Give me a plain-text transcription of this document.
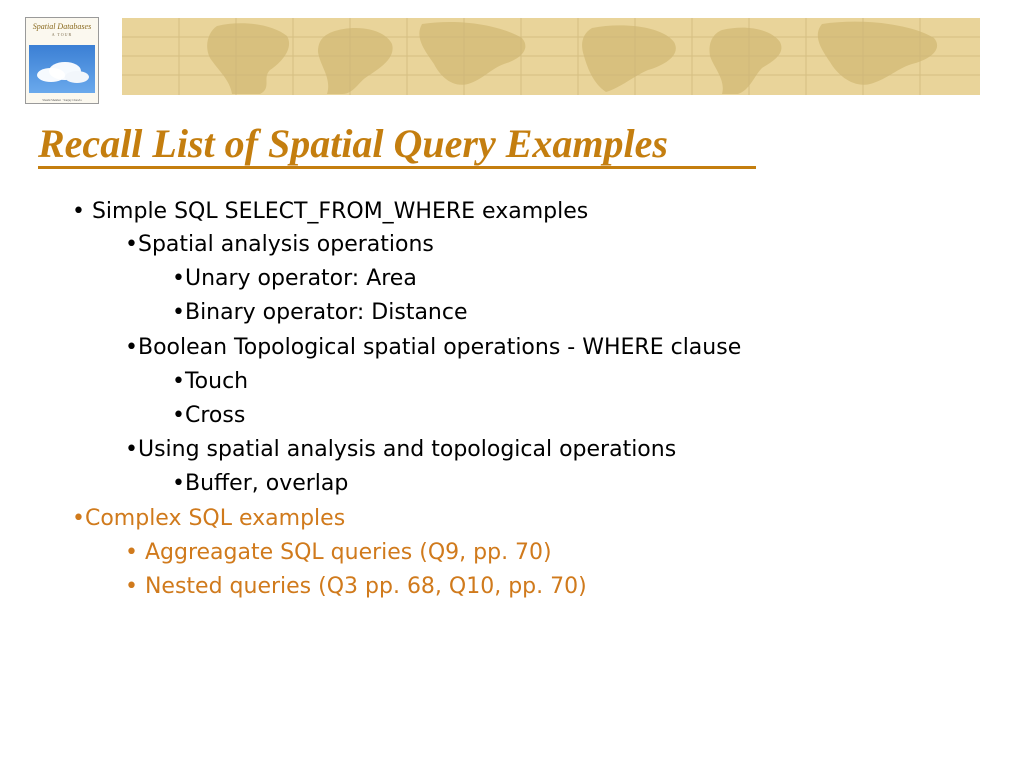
Spatial Databases
A TOUR
Shashi Shekhar · Sanjay Chawla
Recall List of Spatial Query Examples
• Simple SQL SELECT_FROM_WHERE examples
•Spatial analysis operations
•Unary operator: Area
•Binary operator: Distance
•Boolean Topological spatial operations - WHERE clause
•Touch
•Cross
•Using spatial analysis and topological operations
•Buffer, overlap
•Complex SQL examples
• Aggreagate SQL queries (Q9, pp. 70)
• Nested queries (Q3 pp. 68, Q10, pp. 70)
